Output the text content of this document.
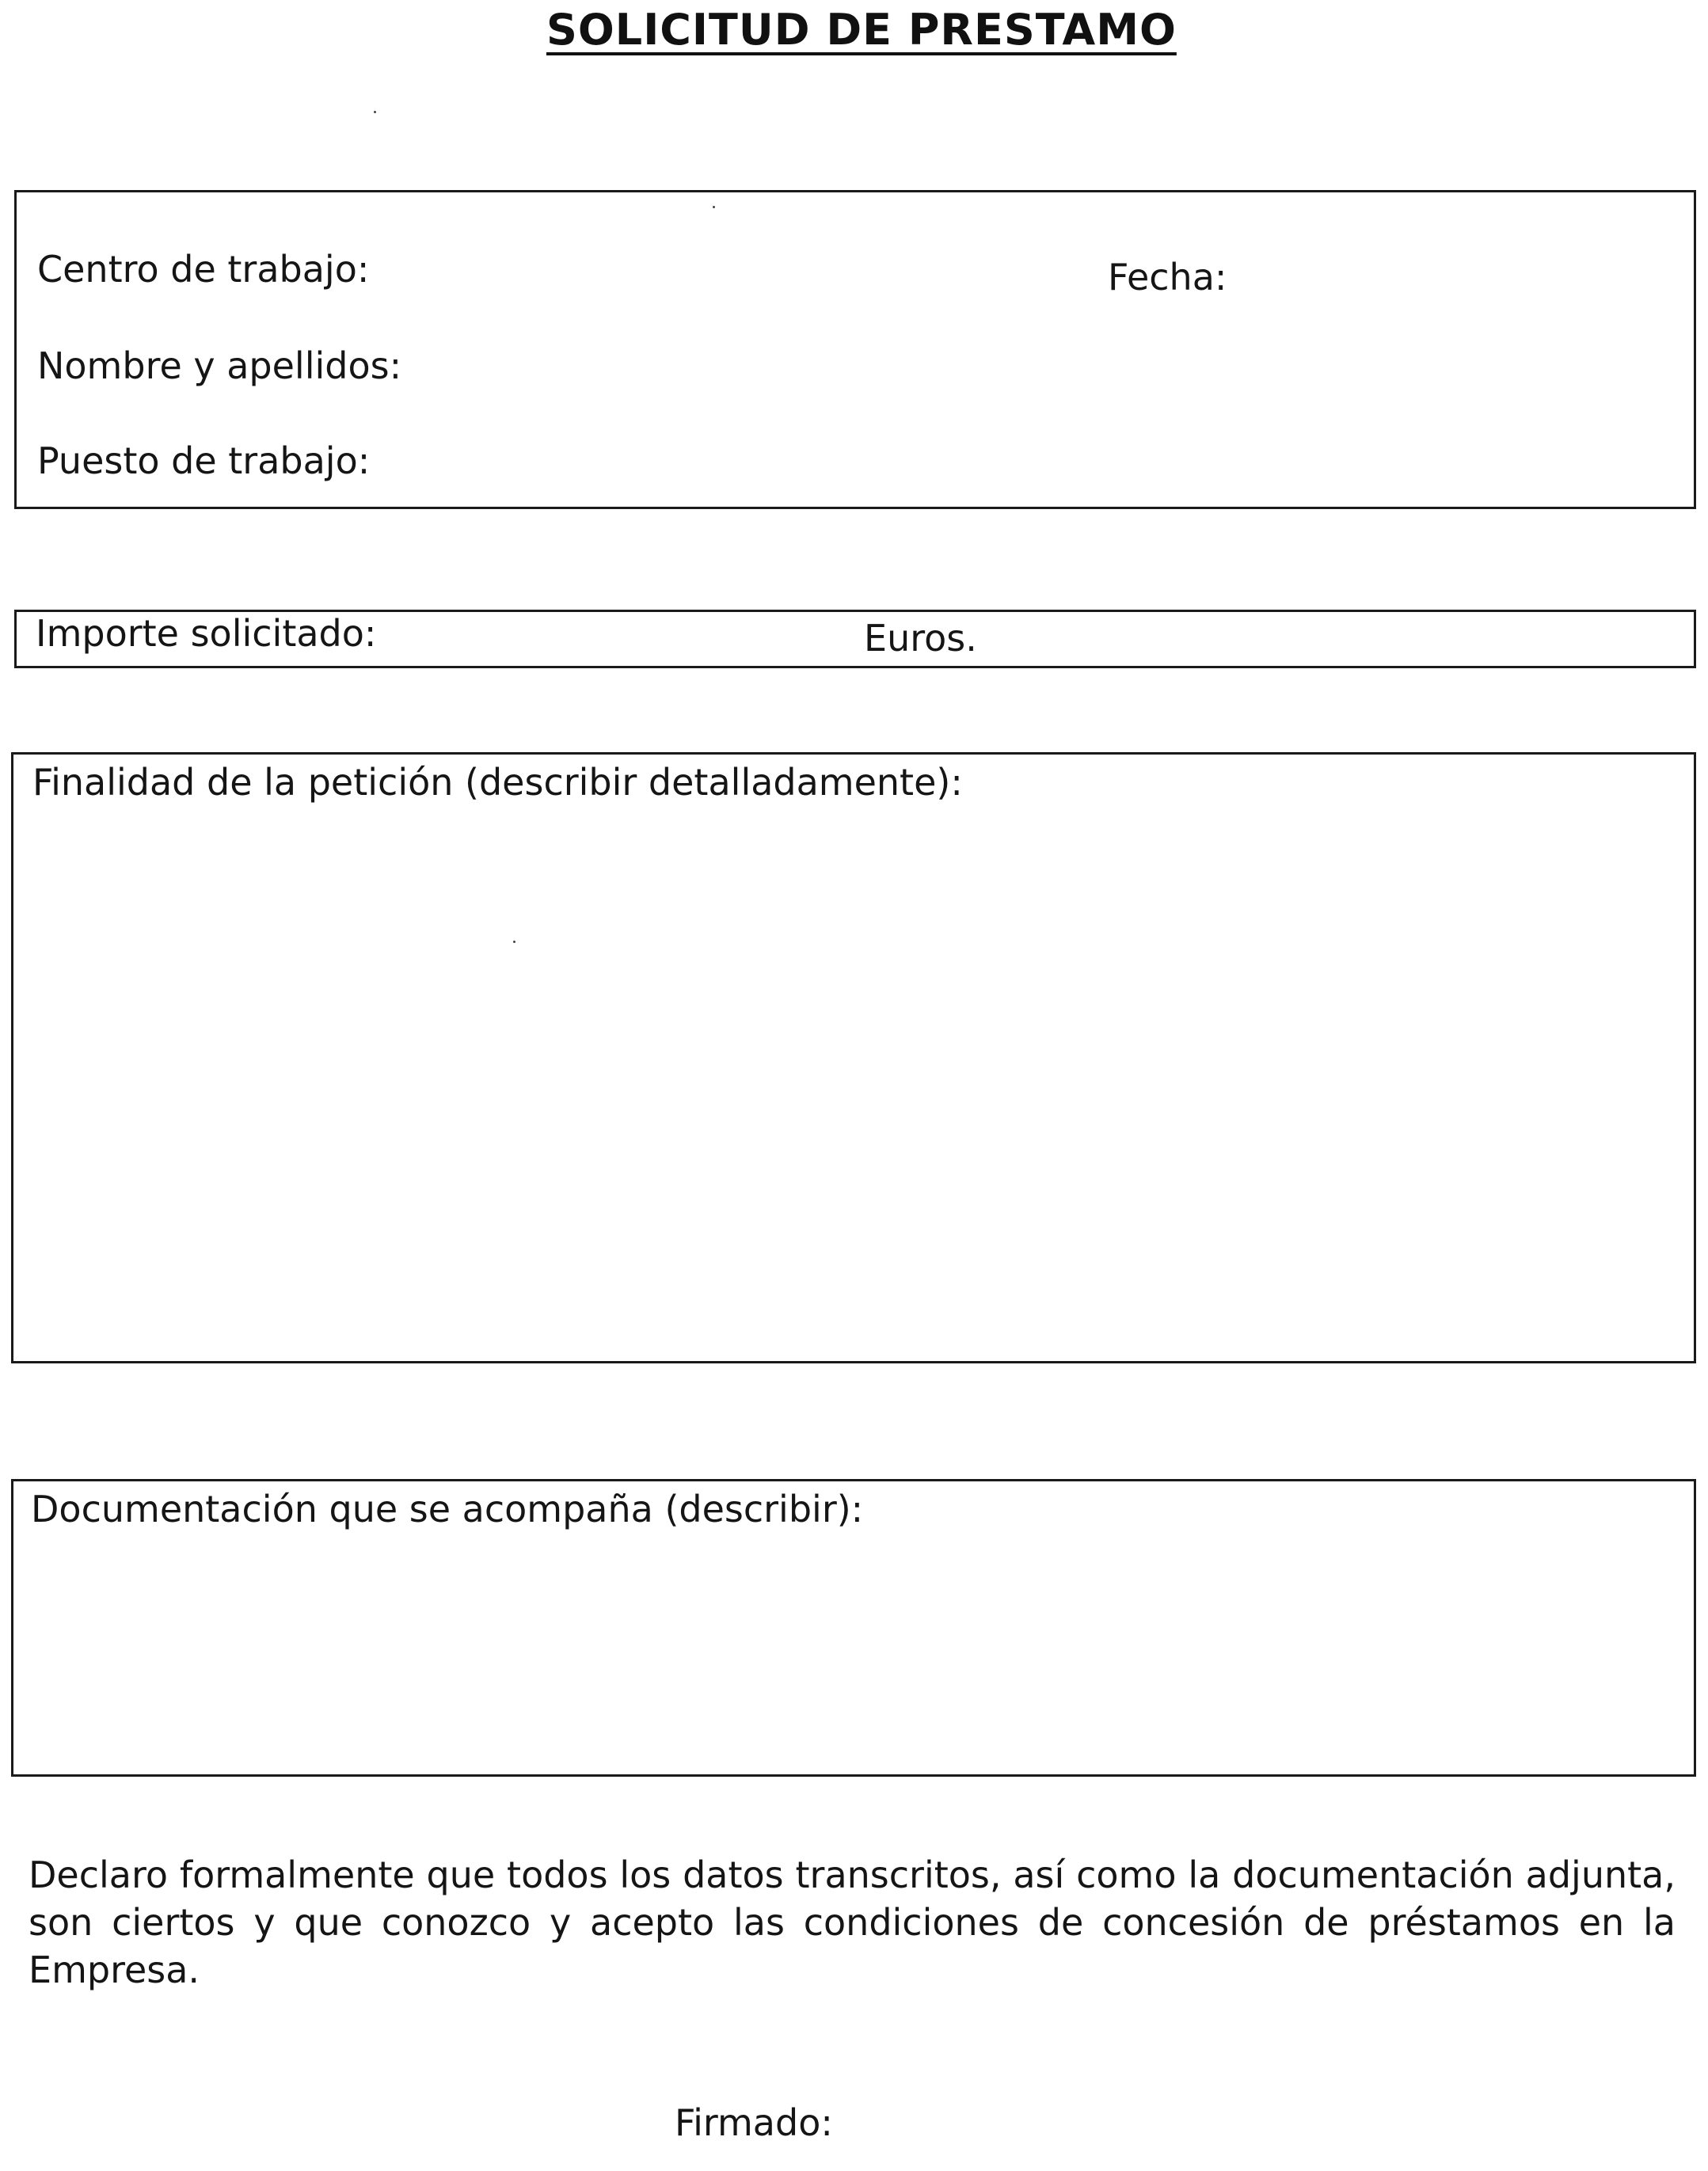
SOLICITUD DE PRESTAMO
Centro de trabajo:	Fecha:
Nombre y apellidos:
Puesto de trabajo:
Importe solicitado:	Euros.
Finalidad de la petición (describir detalladamente):
Documentación que se acompaña (describir):
Declaro formalmente que todos los datos transcritos, así como la documentación adjunta, son ciertos y que conozco y acepto las condiciones de concesión de préstamos en la Empresa.
Firmado:
